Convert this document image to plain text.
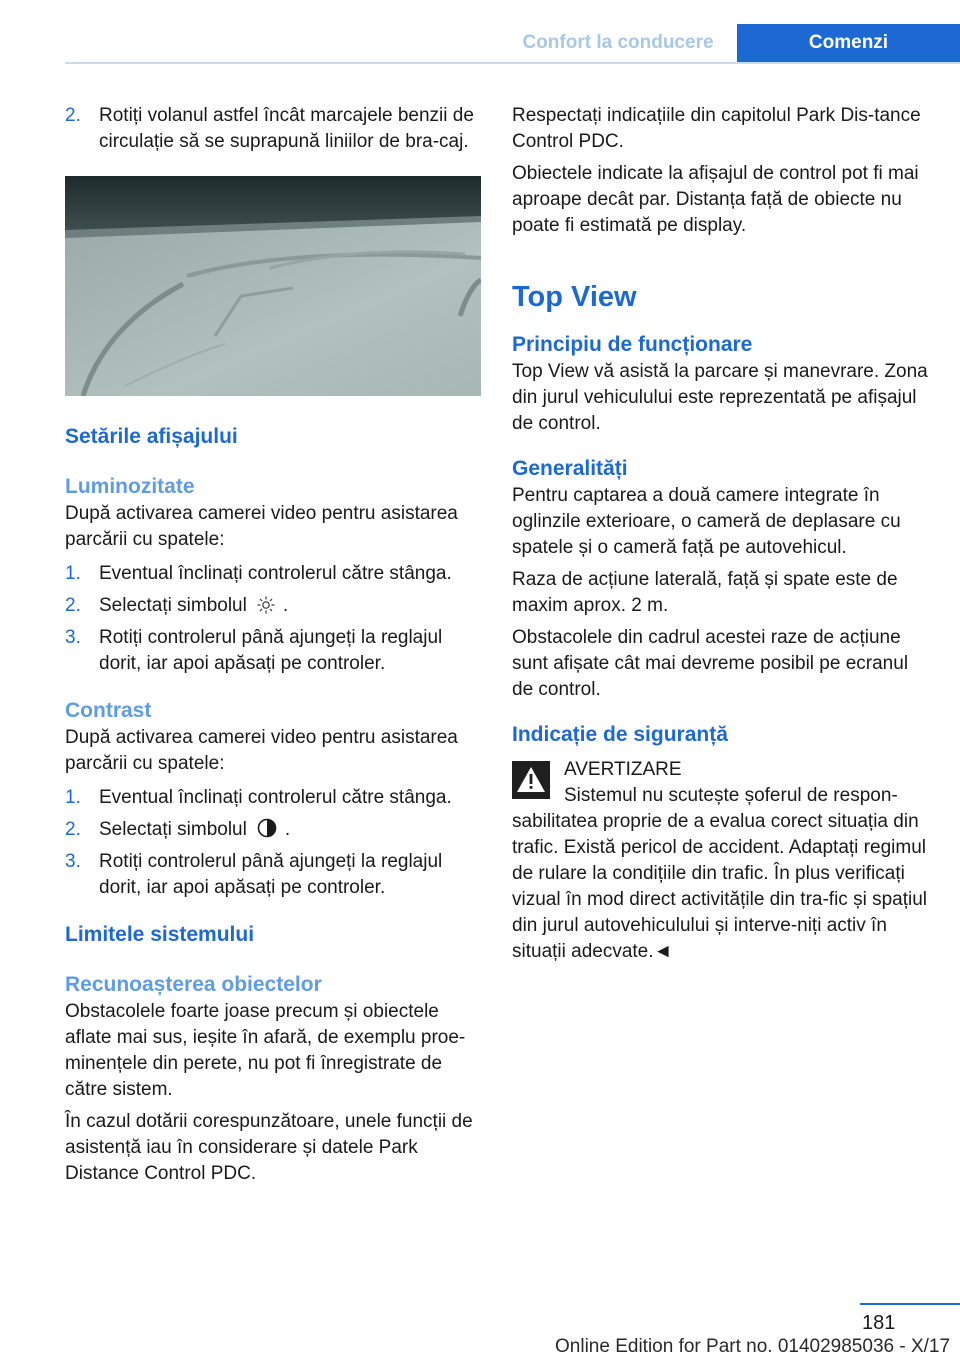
Confort la conducere	Comenzi
2. Rotiți volanul astfel încât marcajele benzii de circulație să se suprapună liniilor de bra‐caj.
Setările afișajului
Luminozitate

După activarea camerei video pentru asistarea parcării cu spatele:

1. Eventual înclinați controlerul către stânga.
2. Selectați simbolul .
3. Rotiți controlerul până ajungeți la reglajul dorit, iar apoi apăsați pe controler.
Contrast

După activarea camerei video pentru asistarea parcării cu spatele:

1. Eventual înclinați controlerul către stânga.
2. Selectați simbolul .
3. Rotiți controlerul până ajungeți la reglajul dorit, iar apoi apăsați pe controler.
Limitele sistemului
Recunoașterea obiectelor

Obstacolele foarte joase precum și obiectele aflate mai sus, ieșite în afară, de exemplu proe‐minențele din perete, nu pot fi înregistrate de către sistem.

În cazul dotării corespunzătoare, unele funcții de asistență iau în considerare și datele Park Distance Control PDC.

Respectați indicațiile din capitolul Park Dis‐tance Control PDC.

Obiectele indicate la afișajul de control pot fi mai aproape decât par. Distanța față de obiecte nu poate fi estimată pe display.

Top View
Principiu de funcționare

Top View vă asistă la parcare și manevrare. Zona din jurul vehiculului este reprezentată pe afișajul de control.

Generalități

Pentru captarea a două camere integrate în oglinzile exterioare, o cameră de deplasare cu spatele și o cameră față pe autovehicul.

Raza de acțiune laterală, față și spate este de maxim aprox. 2 m.

Obstacolele din cadrul acestei raze de acțiune sunt afișate cât mai devreme posibil pe ecranul de control.

Indicație de siguranță
AVERTIZARE
Sistemul nu scutește șoferul de respon‐
sabilitatea proprie de a evalua corect situația din trafic. Există pericol de accident. Adaptați regimul de rulare la condițiile din trafic. În plus verificați vizual în mod direct activitățile din tra‐fic și spațiul din jurul autovehiculului și interve‐niți activ în situații adecvate.◄
181
Online Edition for Part no. 01402985036 - X/17
